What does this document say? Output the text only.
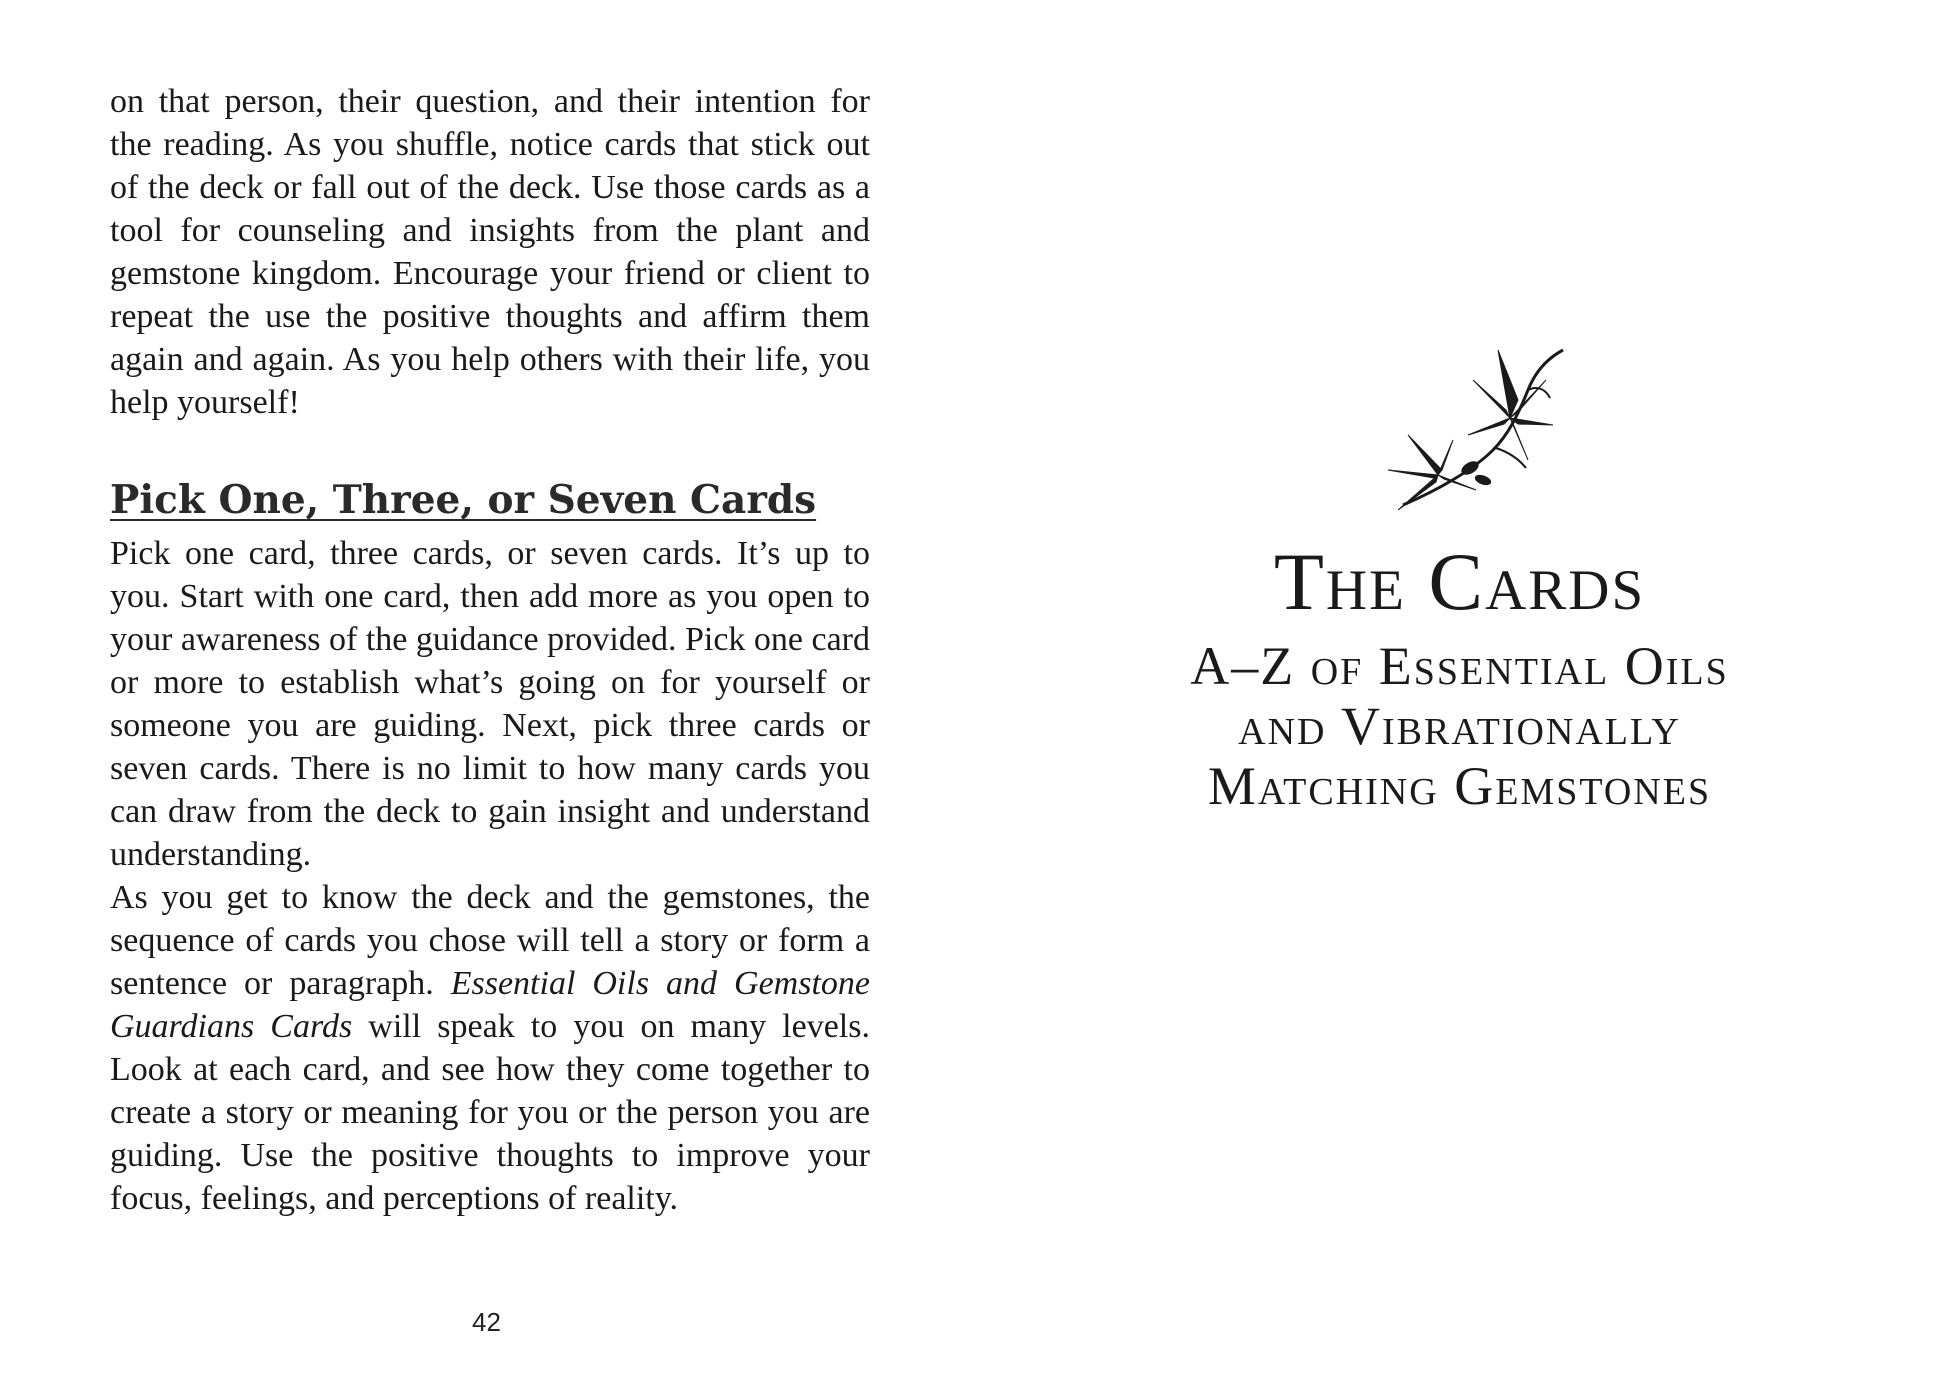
on that person, their question, and their intention for the reading. As you shuffle, notice cards that stick out of the deck or fall out of the deck. Use those cards as a tool for counseling and insights from the plant and gemstone kingdom. Encourage your friend or client to repeat the use the positive thoughts and affirm them again and again. As you help others with their life, you help yourself!

Pick One, Three, or Seven Cards

Pick one card, three cards, or seven cards. It’s up to you. Start with one card, then add more as you open to your awareness of the guidance provided. Pick one card or more to establish what’s going on for yourself or someone you are guiding. Next, pick three cards or seven cards. There is no limit to how many cards you can draw from the deck to gain insight and understand understanding.

As you get to know the deck and the gemstones, the sequence of cards you chose will tell a story or form a sentence or paragraph. Essential Oils and Gemstone Guardians Cards will speak to you on many levels. Look at each card, and see how they come together to create a story or meaning for you or the person you are guiding. Use the positive thoughts to improve your focus, feelings, and perceptions of reality.

42
The Cards
A–Z of Essential Oils
and Vibrationally
Matching Gemstones
